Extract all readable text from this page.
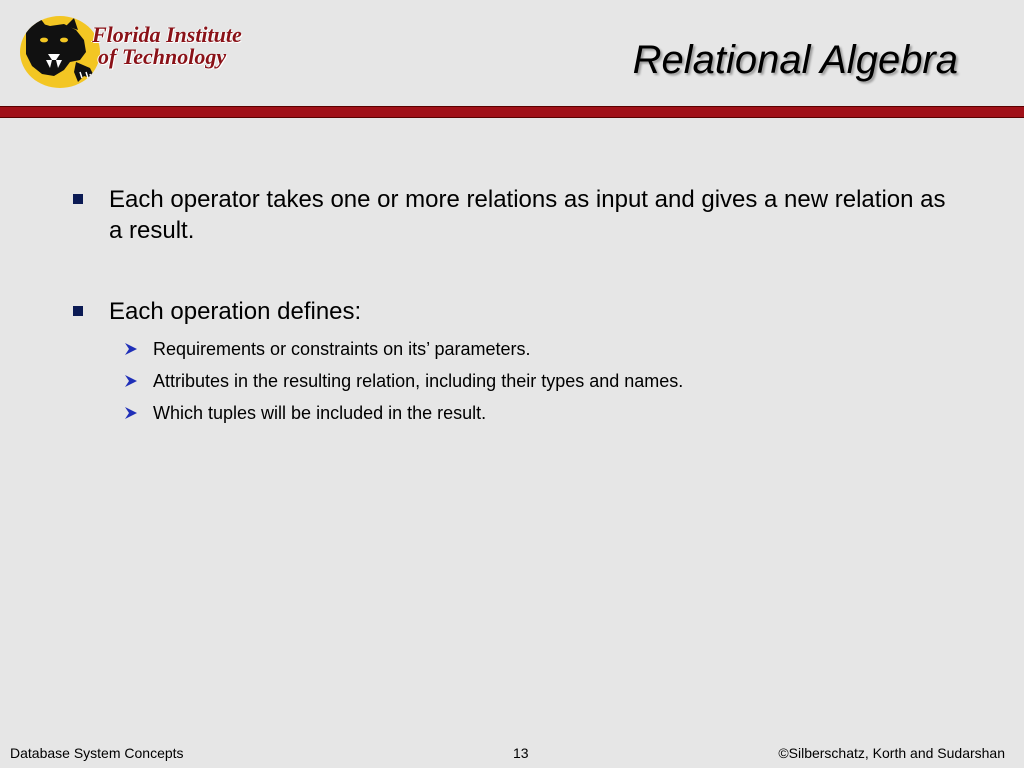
Florida Institute
of Technology	Relational Algebra
Each operator takes one or more relations as input and gives a new relation as a result.
Each operation defines:
Requirements or constraints on its’ parameters.
Attributes in the resulting relation, including their types and names.
Which tuples will be included in the result.
Database System Concepts	13	©Silberschatz, Korth and Sudarshan
